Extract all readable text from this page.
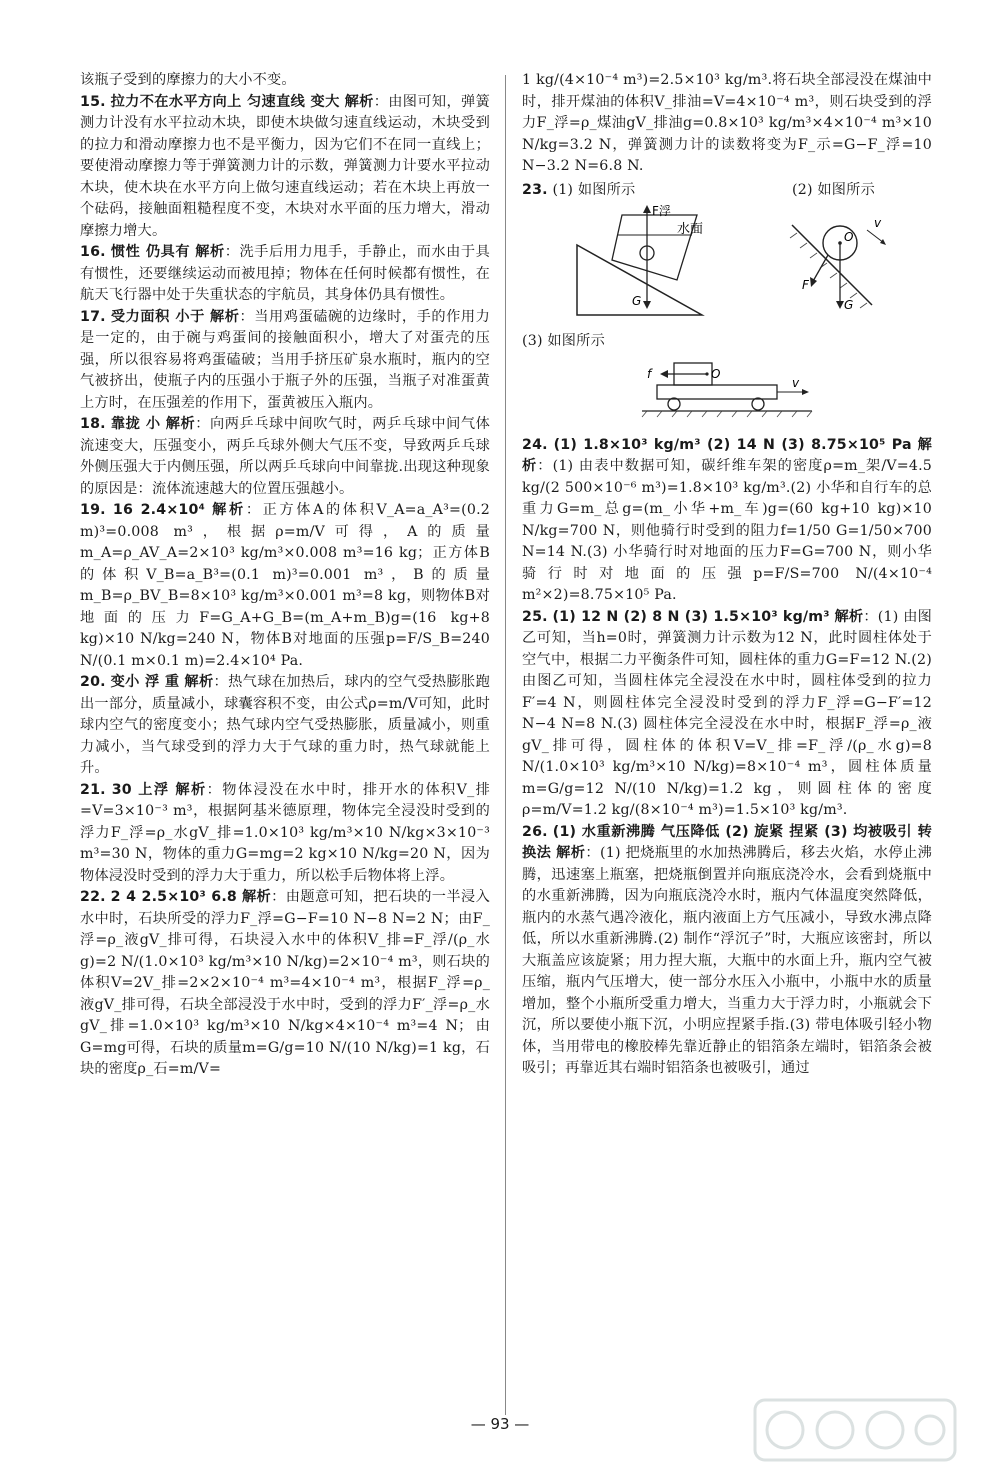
该瓶子受到的摩擦力的大小不变。

15. 拉力不在水平方向上 匀速直线 变大 解析：由图可知，弹簧测力计没有水平拉动木块，即使木块做匀速直线运动，木块受到的拉力和滑动摩擦力也不是平衡力，因为它们不在同一直线上；要使滑动摩擦力等于弹簧测力计的示数，弹簧测力计要水平拉动木块，使木块在水平方向上做匀速直线运动；若在木块上再放一个砝码，接触面粗糙程度不变，木块对水平面的压力增大，滑动摩擦力增大。

16. 惯性 仍具有 解析：洗手后用力甩手，手静止，而水由于具有惯性，还要继续运动而被甩掉；物体在任何时候都有惯性，在航天飞行器中处于失重状态的宇航员，其身体仍具有惯性。

17. 受力面积 小于 解析：当用鸡蛋磕碗的边缘时，手的作用力是一定的，由于碗与鸡蛋间的接触面积小，增大了对蛋壳的压强，所以很容易将鸡蛋磕破；当用手挤压矿泉水瓶时，瓶内的空气被挤出，使瓶子内的压强小于瓶子外的压强，当瓶子对准蛋黄上方时，在压强差的作用下，蛋黄被压入瓶内。

18. 靠拢 小 解析：向两乒乓球中间吹气时，两乒乓球中间气体流速变大，压强变小，两乒乓球外侧大气压不变，导致两乒乓球外侧压强大于内侧压强，所以两乒乓球向中间靠拢.出现这种现象的原因是：流体流速越大的位置压强越小。

19. 16 2.4×10⁴ 解析：正方体A的体积V_A=a_A³=(0.2 m)³=0.008 m³，根据ρ=m/V可得，A的质量m_A=ρ_AV_A=2×10³ kg/m³×0.008 m³=16 kg；正方体B的体积V_B=a_B³=(0.1 m)³=0.001 m³，B的质量m_B=ρ_BV_B=8×10³ kg/m³×0.001 m³=8 kg，则物体B对地面的压力F=G_A+G_B=(m_A+m_B)g=(16 kg+8 kg)×10 N/kg=240 N，物体B对地面的压强p=F/S_B=240 N/(0.1 m×0.1 m)=2.4×10⁴ Pa.

20. 变小 浮 重 解析：热气球在加热后，球内的空气受热膨胀跑出一部分，质量减小，球囊容积不变，由公式ρ=m/V可知，此时球内空气的密度变小；热气球内空气受热膨胀，质量减小，则重力减小，当气球受到的浮力大于气球的重力时，热气球就能上升。

21. 30 上浮 解析：物体浸没在水中时，排开水的体积V_排=V=3×10⁻³ m³，根据阿基米德原理，物体完全浸没时受到的浮力F_浮=ρ_水gV_排=1.0×10³ kg/m³×10 N/kg×3×10⁻³ m³=30 N，物体的重力G=mg=2 kg×10 N/kg=20 N，因为物体浸没时受到的浮力大于重力，所以松手后物体将上浮。

22. 2 4 2.5×10³ 6.8 解析：由题意可知，把石块的一半浸入水中时，石块所受的浮力F_浮=G−F=10 N−8 N=2 N；由F_浮=ρ_液gV_排可得，石块浸入水中的体积V_排=F_浮/(ρ_水g)=2 N/(1.0×10³ kg/m³×10 N/kg)=2×10⁻⁴ m³，则石块的体积V=2V_排=2×2×10⁻⁴ m³=4×10⁻⁴ m³，根据F_浮=ρ_液gV_排可得，石块全部浸没于水中时，受到的浮力F′_浮=ρ_水gV_排=1.0×10³ kg/m³×10 N/kg×4×10⁻⁴ m³=4 N；由G=mg可得，石块的质量m=G/g=10 N/(10 N/kg)=1 kg，石块的密度ρ_石=m/V=

1 kg/(4×10⁻⁴ m³)=2.5×10³ kg/m³.将石块全部浸没在煤油中时，排开煤油的体积V_排油=V=4×10⁻⁴ m³，则石块受到的浮力F_浮=ρ_煤油gV_排油g=0.8×10³ kg/m³×4×10⁻⁴ m³×10 N/kg=3.2 N，弹簧测力计的读数将变为F_示=G−F_浮=10 N−3.2 N=6.8 N.

23. (1) 如图所示	(2) 如图所示

F浮
水面
G
O
v
F
G

(3) 如图所示

f	O
v

24. (1) 1.8×10³ kg/m³ (2) 14 N (3) 8.75×10⁵ Pa 解析：(1) 由表中数据可知，碳纤维车架的密度ρ=m_架/V=4.5 kg/(2 500×10⁻⁶ m³)=1.8×10³ kg/m³.(2) 小华和自行车的总重力G=m_总g=(m_小华+m_车)g=(60 kg+10 kg)×10 N/kg=700 N，则他骑行时受到的阻力f=1/50 G=1/50×700 N=14 N.(3) 小华骑行时对地面的压力F=G=700 N，则小华骑行时对地面的压强p=F/S=700 N/(4×10⁻⁴ m²×2)=8.75×10⁵ Pa.

25. (1) 12 N (2) 8 N (3) 1.5×10³ kg/m³ 解析：(1) 由图乙可知，当h=0时，弹簧测力计示数为12 N，此时圆柱体处于空气中，根据二力平衡条件可知，圆柱体的重力G=F=12 N.(2) 由图乙可知，当圆柱体完全浸没在水中时，圆柱体受到的拉力F′=4 N，则圆柱体完全浸没时受到的浮力F_浮=G−F′=12 N−4 N=8 N.(3) 圆柱体完全浸没在水中时，根据F_浮=ρ_液gV_排可得，圆柱体的体积V=V_排=F_浮/(ρ_水g)=8 N/(1.0×10³ kg/m³×10 N/kg)=8×10⁻⁴ m³，圆柱体质量m=G/g=12 N/(10 N/kg)=1.2 kg，则圆柱体的密度ρ=m/V=1.2 kg/(8×10⁻⁴ m³)=1.5×10³ kg/m³.

26. (1) 水重新沸腾 气压降低 (2) 旋紧 捏紧 (3) 均被吸引 转换法 解析：(1) 把烧瓶里的水加热沸腾后，移去火焰，水停止沸腾，迅速塞上瓶塞，把烧瓶倒置并向瓶底浇冷水，会看到烧瓶中的水重新沸腾，因为向瓶底浇冷水时，瓶内气体温度突然降低，瓶内的水蒸气遇冷液化，瓶内液面上方气压减小，导致水沸点降低，所以水重新沸腾.(2) 制作“浮沉子”时，大瓶应该密封，所以大瓶盖应该旋紧；用力捏大瓶，大瓶中的水面上升，瓶内空气被压缩，瓶内气压增大，使一部分水压入小瓶中，小瓶中水的质量增加，整个小瓶所受重力增大，当重力大于浮力时，小瓶就会下沉，所以要使小瓶下沉，小明应捏紧手指.(3) 带电体吸引轻小物体，当用带电的橡胶棒先靠近静止的铝箔条左端时，铝箔条会被吸引；再靠近其右端时铝箔条也被吸引，通过

— 93 —
